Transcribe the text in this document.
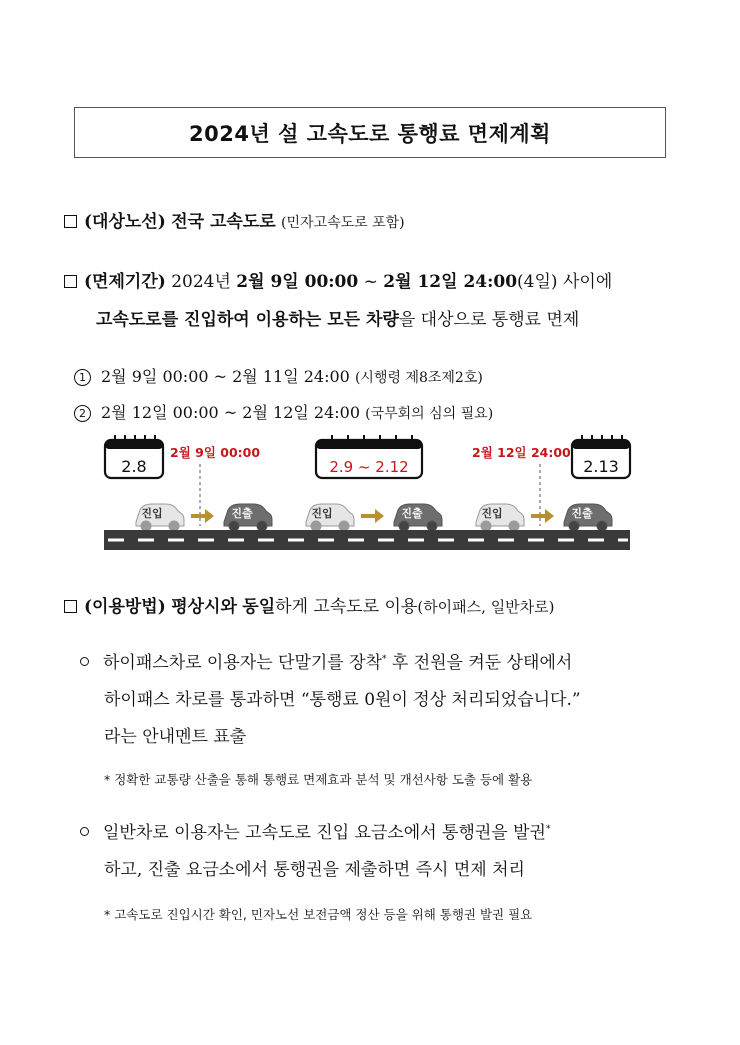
2024년 설 고속도로 통행료 면제계획
(대상노선) 전국 고속도로 (민자고속도로 포함)
(면제기간) 2024년 2월 9일 00:00 ~ 2월 12일 24:00(4일) 사이에
고속도로를 진입하여 이용하는 모든 차량을 대상으로 통행료 면제
1 2월 9일 00:00 ~ 2월 11일 24:00 (시행령 제8조제2호)
2 2월 12일 00:00 ~ 2월 12일 24:00 (국무회의 심의 필요)
2.8
2월 9일 00:00
2.9 ~ 2.12
2월 12일 24:00
2.13
진입	진출	진입	진출	진입	진출
(이용방법) 평상시와 동일하게 고속도로 이용(하이패스, 일반차로)
하이패스차로 이용자는 단말기를 장착* 후 전원을 켜둔 상태에서
하이패스 차로를 통과하면 “통행료 0원이 정상 처리되었습니다.”
라는 안내멘트 표출
* 정확한 교통량 산출을 통해 통행료 면제효과 분석 및 개선사항 도출 등에 활용
일반차로 이용자는 고속도로 진입 요금소에서 통행권을 발권*
하고, 진출 요금소에서 통행권을 제출하면 즉시 면제 처리
* 고속도로 진입시간 확인, 민자노선 보전금액 정산 등을 위해 통행권 발권 필요
